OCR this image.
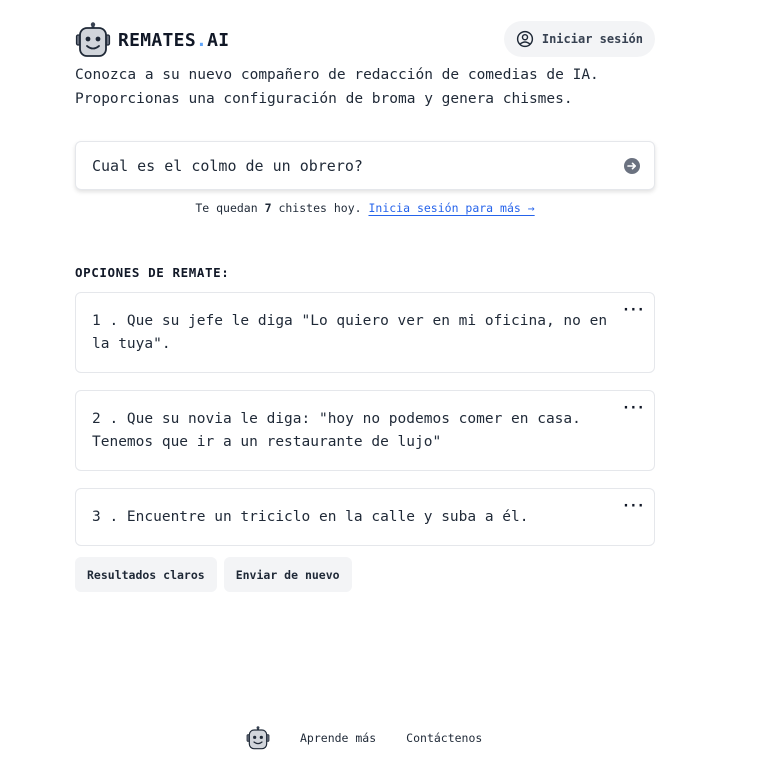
REMATES.AI	Iniciar sesión

Conozca a su nuevo compañero de redacción de comedias de IA.

Proporcionas una configuración de broma y genera chismes.

Cual es el colmo de un obrero?
Te quedan 7 chistes hoy. Inicia sesión para más →
OPCIONES DE REMATE:
1 . Que su jefe le diga "Lo quiero ver en mi oficina, no en la tuya".
···
2 . Que su novia le diga: "hoy no podemos comer en casa. Tenemos que ir a un restaurante de lujo"
···
3 . Encuentre un triciclo en la calle y suba a él.
···
Resultados claros	Enviar de nuevo
Aprende más	Contáctenos
